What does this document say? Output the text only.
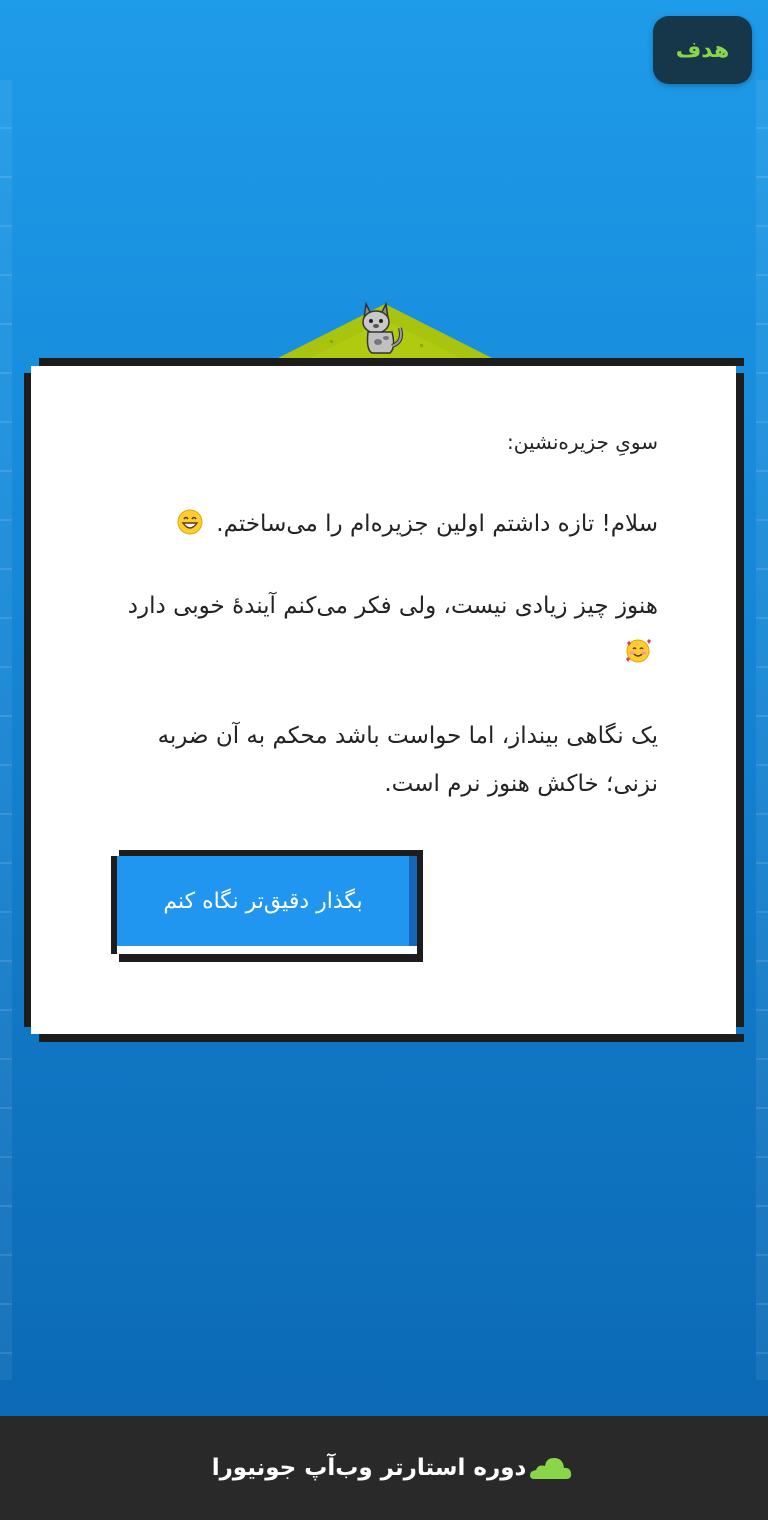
هدف

سویِ جزیره‌نشین:

سلام! تازه داشتم اولین جزیره‌ام را می‌ساختم.

هنوز چیز زیادی نیست، ولی فکر می‌کنم آیندهٔ خوبی دارد

یک نگاهی بینداز، اما حواست باشد محکم به آن ضربه نزنی؛ خاکش هنوز نرم است.

بگذار دقیق‌تر نگاه کنم
دوره استارتر وب‌آپ جونیورا
